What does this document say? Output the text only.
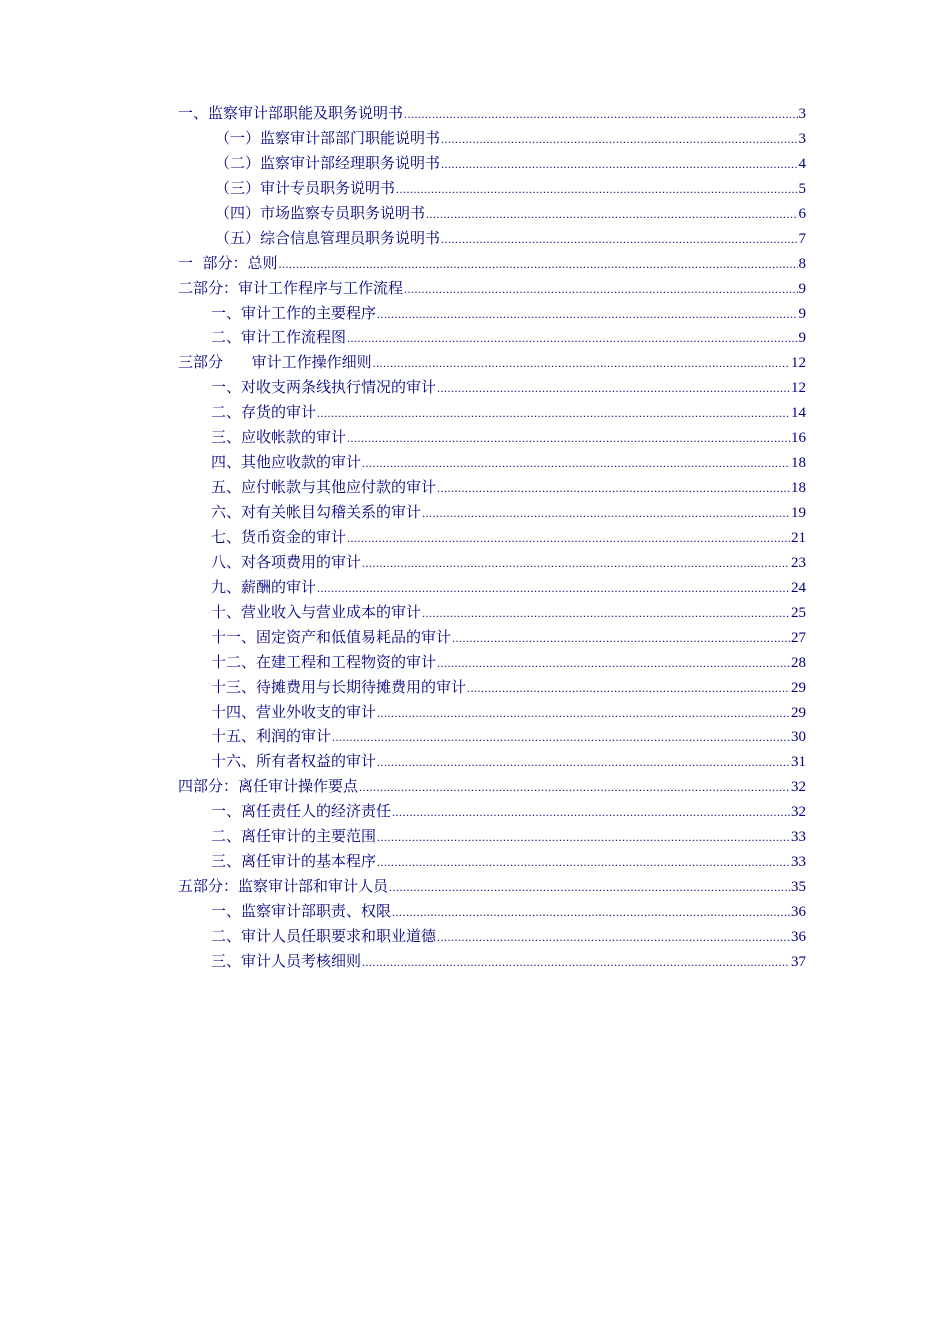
一、监察审计部职能及职务说明书 .....	3
（一）监察审计部部门职能说明书 .....	3
（二）监察审计部经理职务说明书 .....	4
（三）审计专员职务说明书 .....	5
（四）市场监察专员职务说明书 .....	6
（五）综合信息管理员职务说明书 .....	7
一  部分：总则 .....	8
二部分：审计工作程序与工作流程 .....	9
一、审计工作的主要程序 .....	9
二、审计工作流程图 .....	9
三部分      审计工作操作细则 .....	12
一、对收支两条线执行情况的审计 .....	12
二、存货的审计 .....	14
三、应收帐款的审计 .....	16
四、其他应收款的审计 .....	18
五、应付帐款与其他应付款的审计 .....	18
六、对有关帐目勾稽关系的审计 .....	19
七、货币资金的审计 .....	21
八、对各项费用的审计 .....	23
九、薪酬的审计 .....	24
十、营业收入与营业成本的审计 .....	25
十一、固定资产和低值易耗品的审计 .....	27
十二、在建工程和工程物资的审计 .....	28
十三、待摊费用与长期待摊费用的审计 .....	29
十四、营业外收支的审计 .....	29
十五、利润的审计 .....	30
十六、所有者权益的审计 .....	31
四部分：离任审计操作要点 .....	32
一、离任责任人的经济责任 .....	32
二、离任审计的主要范围 .....	33
三、离任审计的基本程序 .....	33
五部分：监察审计部和审计人员 .....	35
一、监察审计部职责、权限 .....	36
二、审计人员任职要求和职业道德 .....	36
三、审计人员考核细则 .....	37
